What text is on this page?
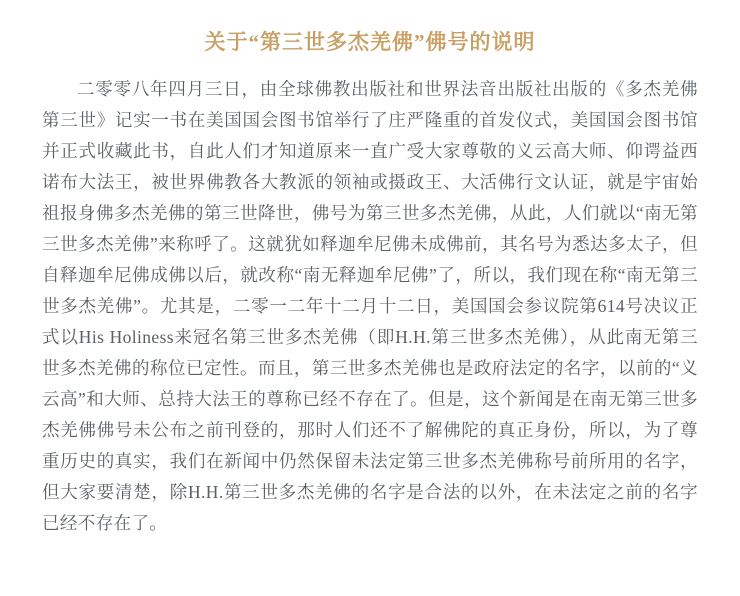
关于“第三世多杰羌佛”佛号的说明

二零零八年四月三日，由全球佛教出版社和世界法音出版社出版的《多杰羌佛第三世》记实一书在美国国会图书馆举行了庄严隆重的首发仪式，美国国会图书馆并正式收藏此书，自此人们才知道原来一直广受大家尊敬的义云高大师、仰谔益西诺布大法王，被世界佛教各大教派的领袖或摄政王、大活佛行文认证，就是宇宙始祖报身佛多杰羌佛的第三世降世，佛号为第三世多杰羌佛，从此，人们就以“南无第三世多杰羌佛”来称呼了。这就犹如释迦牟尼佛未成佛前，其名号为悉达多太子，但自释迦牟尼佛成佛以后，就改称“南无释迦牟尼佛”了，所以，我们现在称“南无第三世多杰羌佛”。尤其是，二零一二年十二月十二日，美国国会参议院第614号决议正式以His Holiness来冠名第三世多杰羌佛（即H.H.第三世多杰羌佛），从此南无第三世多杰羌佛的称位已定性。而且，第三世多杰羌佛也是政府法定的名字，以前的“义云高”和大师、总持大法王的尊称已经不存在了。但是，这个新闻是在南无第三世多杰羌佛佛号未公布之前刊登的，那时人们还不了解佛陀的真正身份，所以，为了尊重历史的真实，我们在新闻中仍然保留未法定第三世多杰羌佛称号前所用的名字，但大家要清楚，除H.H.第三世多杰羌佛的名字是合法的以外，在未法定之前的名字已经不存在了。
